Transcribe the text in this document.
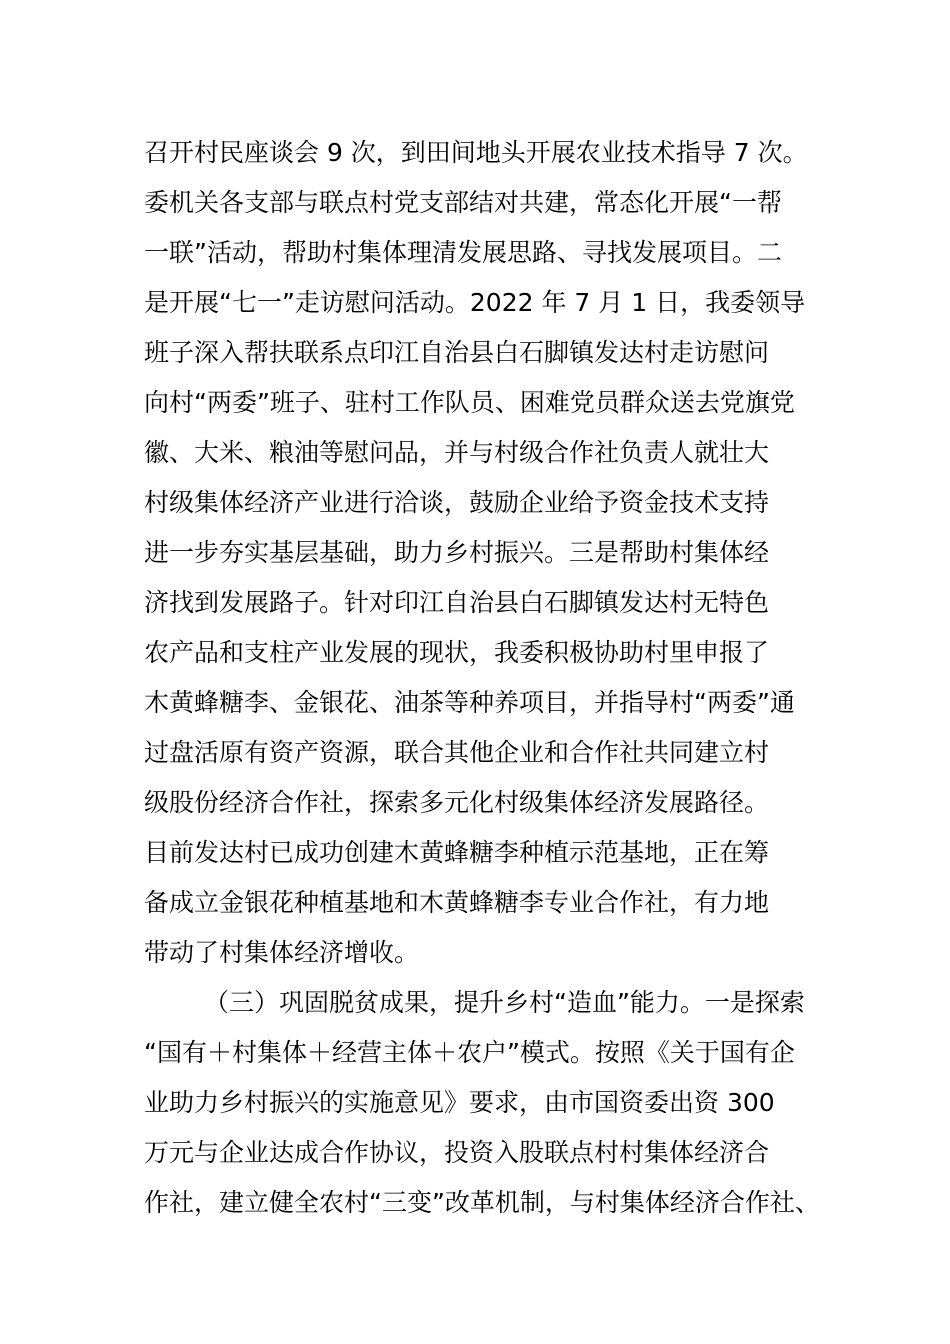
召开村民座谈会 9 次，到田间地头开展农业技术指导 7 次。
委机关各支部与联点村党支部结对共建，常态化开展“一帮
一联”活动，帮助村集体理清发展思路、寻找发展项目。二
是开展“七一”走访慰问活动。2022 年 7 月 1 日，我委领导
班子深入帮扶联系点印江自治县白石脚镇发达村走访慰问
向村“两委”班子、驻村工作队员、困难党员群众送去党旗党
徽、大米、粮油等慰问品，并与村级合作社负责人就壮大
村级集体经济产业进行洽谈，鼓励企业给予资金技术支持
进一步夯实基层基础，助力乡村振兴。三是帮助村集体经
济找到发展路子。针对印江自治县白石脚镇发达村无特色
农产品和支柱产业发展的现状，我委积极协助村里申报了
木黄蜂糖李、金银花、油茶等种养项目，并指导村“两委”通
过盘活原有资产资源，联合其他企业和合作社共同建立村
级股份经济合作社，探索多元化村级集体经济发展路径。
目前发达村已成功创建木黄蜂糖李种植示范基地，正在筹
备成立金银花种植基地和木黄蜂糖李专业合作社，有力地
带动了村集体经济增收。
（三）巩固脱贫成果，提升乡村“造血”能力。一是探索
“国有＋村集体＋经营主体＋农户”模式。按照《关于国有企
业助力乡村振兴的实施意见》要求，由市国资委出资 300
万元与企业达成合作协议，投资入股联点村村集体经济合
作社，建立健全农村“三变”改革机制，与村集体经济合作社、
